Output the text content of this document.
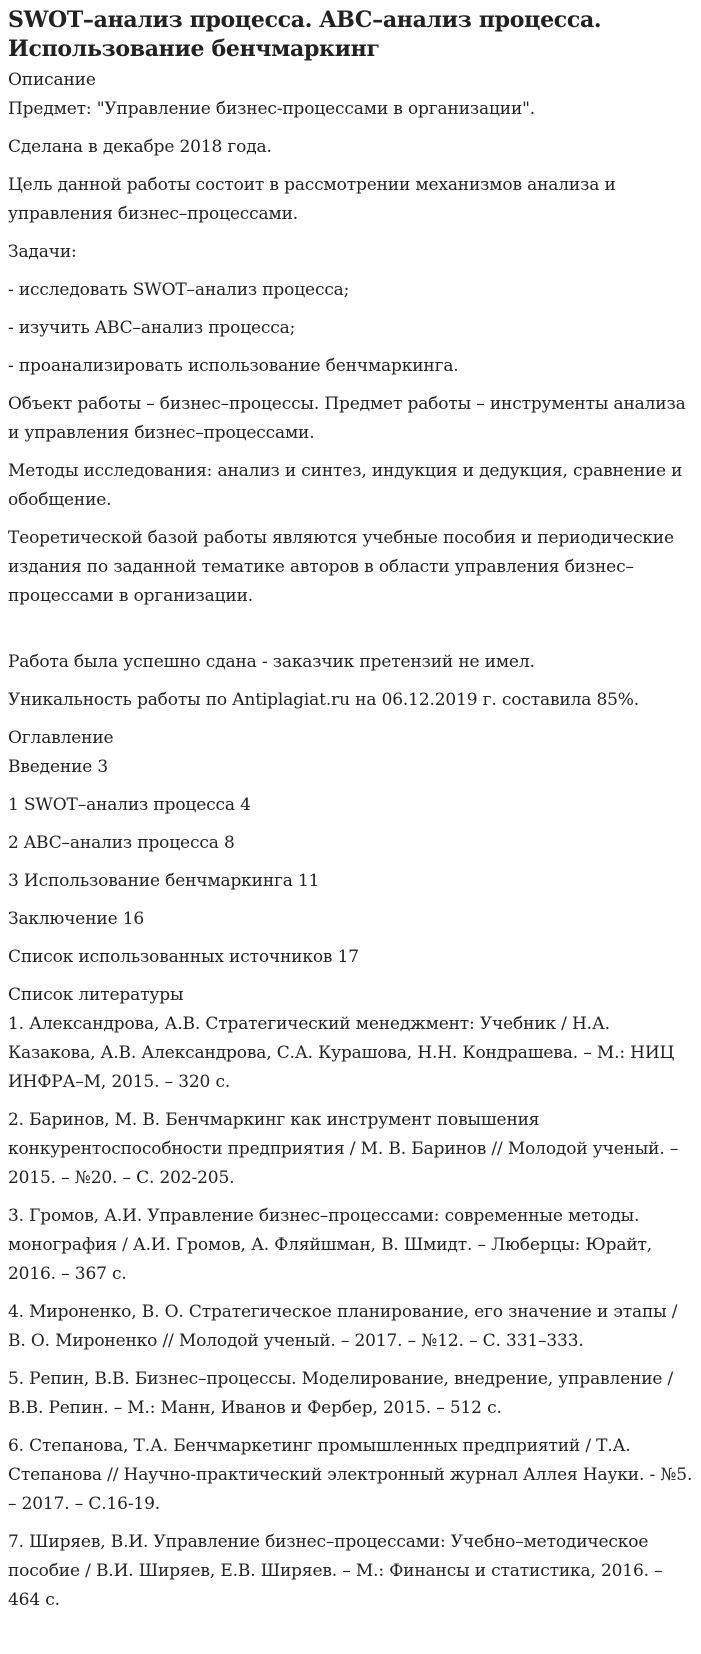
SWOT–анализ процесса. ABC–анализ процесса. Использование бенчмаркинг
Описание

Предмет: "Управление бизнес-процессами в организации".

Сделана в декабре 2018 года.

Цель данной работы состоит в рассмотрении механизмов анализа и управления бизнес–процессами.

Задачи:

- исследовать SWOT–анализ процесса;

- изучить ABC–анализ процесса;

- проанализировать использование бенчмаркинга.

Объект работы – бизнес–процессы. Предмет работы – инструменты анализа и управления бизнес–процессами.

Методы исследования: анализ и синтез, индукция и дедукция, сравнение и обобщение.

Теоретической базой работы являются учебные пособия и периодические издания по заданной тематике авторов в области управления бизнес–процессами в организации.

Работа была успешно сдана - заказчик претензий не имел.

Уникальность работы по Antiplagiat.ru на 06.12.2019 г. составила 85%.

Оглавление
Введение 3
1 SWOT–анализ процесса 4
2 ABC–анализ процесса 8
3 Использование бенчмаркинга 11
Заключение 16
Список использованных источников 17
Список литературы
1. Александрова, А.В. Стратегический менеджмент: Учебник / Н.А. Казакова, А.В. Александрова, С.А. Курашова, Н.Н. Кондрашева. – М.: НИЦ ИНФРА–М, 2015. – 320 с.
2. Баринов, М. В. Бенчмаркинг как инструмент повышения конкурентоспособности предприятия / М. В. Баринов // Молодой ученый. – 2015. – №20. – С. 202-205.
3. Громов, А.И. Управление бизнес–процессами: современные методы. монография / А.И. Громов, А. Фляйшман, В. Шмидт. – Люберцы: Юрайт, 2016. – 367 с.
4. Мироненко, В. О. Стратегическое планирование, его значение и этапы / В. О. Мироненко // Молодой ученый. – 2017. – №12. – С. 331–333.
5. Репин, В.В. Бизнес–процессы. Моделирование, внедрение, управление / В.В. Репин. – М.: Манн, Иванов и Фербер, 2015. – 512 с.
6. Степанова, Т.А. Бенчмаркетинг промышленных предприятий / Т.А. Степанова // Научно-практический электронный журнал Аллея Науки. - №5. – 2017. – С.16-19.
7. Ширяев, В.И. Управление бизнес–процессами: Учебно–методическое пособие / В.И. Ширяев, Е.В. Ширяев. – М.: Финансы и статистика, 2016. – 464 с.
